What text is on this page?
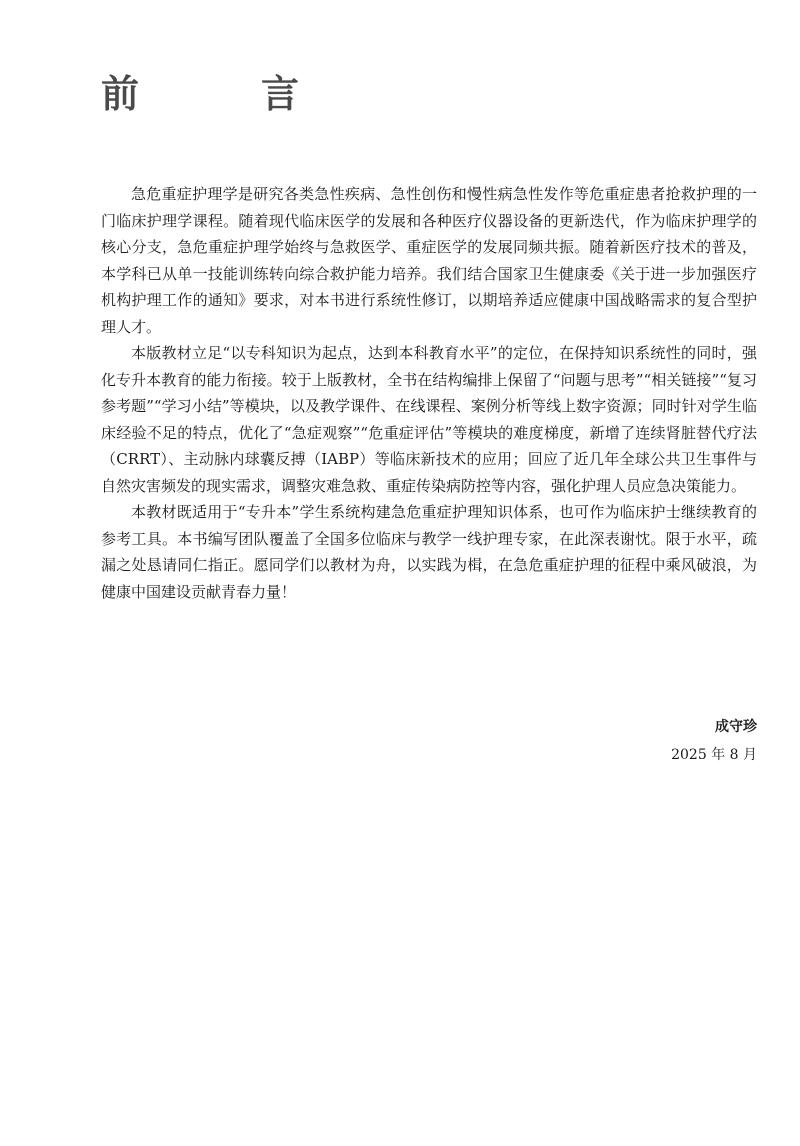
前　言

急危重症护理学是研究各类急性疾病、急性创伤和慢性病急性发作等危重症患者抢救护理的一门临床护理学课程。随着现代临床医学的发展和各种医疗仪器设备的更新迭代，作为临床护理学的核心分支，急危重症护理学始终与急救医学、重症医学的发展同频共振。随着新医疗技术的普及，本学科已从单一技能训练转向综合救护能力培养。我们结合国家卫生健康委《关于进一步加强医疗机构护理工作的通知》要求，对本书进行系统性修订，以期培养适应健康中国战略需求的复合型护理人才。

本版教材立足“以专科知识为起点，达到本科教育水平”的定位，在保持知识系统性的同时，强化专升本教育的能力衔接。较于上版教材，全书在结构编排上保留了“问题与思考”“相关链接”“复习参考题”“学习小结”等模块，以及教学课件、在线课程、案例分析等线上数字资源；同时针对学生临床经验不足的特点，优化了“急症观察”“危重症评估”等模块的难度梯度，新增了连续肾脏替代疗法（CRRT）、主动脉内球囊反搏（IABP）等临床新技术的应用；回应了近几年全球公共卫生事件与自然灾害频发的现实需求，调整灾难急救、重症传染病防控等内容，强化护理人员应急决策能力。

本教材既适用于“专升本”学生系统构建急危重症护理知识体系，也可作为临床护士继续教育的参考工具。本书编写团队覆盖了全国多位临床与教学一线护理专家，在此深表谢忱。限于水平，疏漏之处恳请同仁指正。愿同学们以教材为舟，以实践为楫，在急危重症护理的征程中乘风破浪，为健康中国建设贡献青春力量！

成守珍
2025 年 8 月
